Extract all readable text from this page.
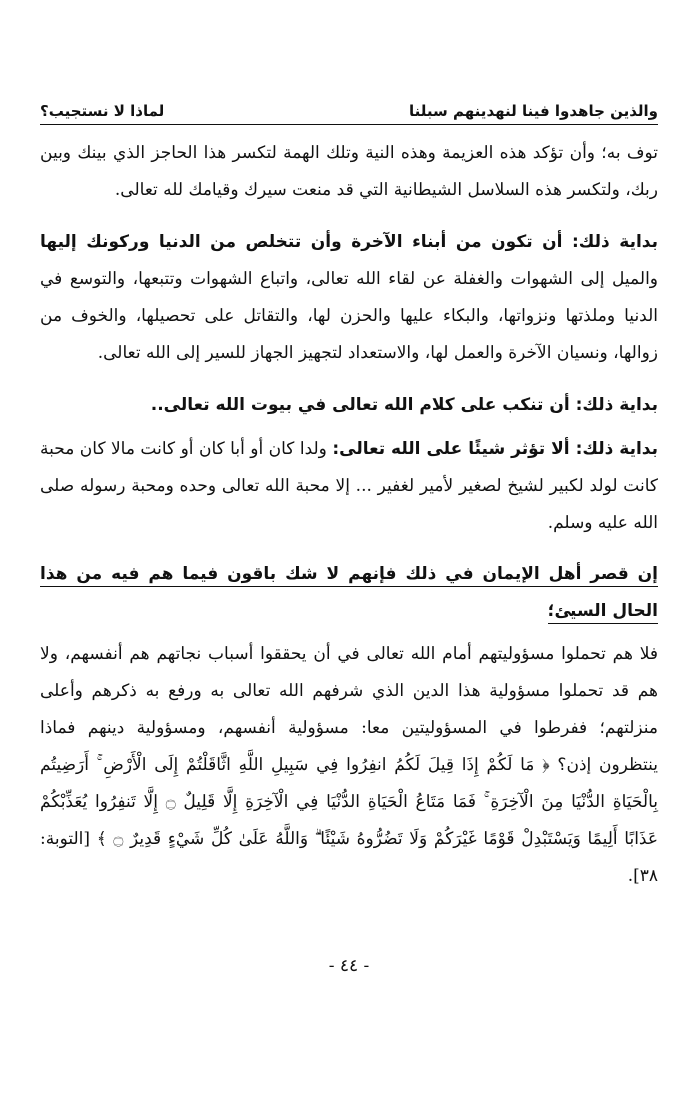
والذين جاهدوا فينا لنهدينهم سبلنا
لماذا لا نستجيب؟

توف به؛ وأن تؤكد هذه العزيمة وهذه النية وتلك الهمة لتكسر هذا الحاجز الذي بينك وبين ربك، ولتكسر هذه السلاسل الشيطانية التي قد منعت سيرك وقيامك لله تعالى.

بداية ذلك: أن تكون من أبناء الآخرة وأن تتخلص من الدنيا وركونك إليها والميل إلى الشهوات والغفلة عن لقاء الله تعالى، واتباع الشهوات وتتبعها، والتوسع في الدنيا وملذتها ونزواتها، والبكاء عليها والحزن لها، والتقاتل على تحصيلها، والخوف من زوالها، ونسيان الآخرة والعمل لها، والاستعداد لتجهيز الجهاز للسير إلى الله تعالى.

بداية ذلك: أن تنكب على كلام الله تعالى في بيوت الله تعالى..

بداية ذلك: ألا تؤثر شيئًا على الله تعالى: ولدا كان أو أبا كان أو كانت مالا كان محبة كانت لولد لكبير لشيخ لصغير لأمير لغفير ... إلا محبة الله تعالى وحده ومحبة رسوله صلى الله عليه وسلم.

إن قصر أهل الإيمان في ذلك فإنهم لا شك باقون فيما هم فيه من هذا الحال السيئ؛

فلا هم تحملوا مسؤوليتهم أمام الله تعالى في أن يحققوا أسباب نجاتهم هم أنفسهم، ولا هم قد تحملوا مسؤولية هذا الدين الذي شرفهم الله تعالى به ورفع به ذكرهم وأعلى منزلتهم؛ ففرطوا في المسؤوليتين معا: مسؤولية أنفسهم، ومسؤولية دينهم فماذا ينتظرون إذن؟ ﴿ مَا لَكُمْ إِذَا قِيلَ لَكُمُ انفِرُوا فِي سَبِيلِ اللَّهِ اثَّاقَلْتُمْ إِلَى الْأَرْضِ ۚ أَرَضِيتُم بِالْحَيَاةِ الدُّنْيَا مِنَ الْآخِرَةِ ۚ فَمَا مَتَاعُ الْحَيَاةِ الدُّنْيَا فِي الْآخِرَةِ إِلَّا قَلِيلٌ ۝ إِلَّا تَنفِرُوا يُعَذِّبْكُمْ عَذَابًا أَلِيمًا وَيَسْتَبْدِلْ قَوْمًا غَيْرَكُمْ وَلَا تَضُرُّوهُ شَيْئًا ۗ وَاللَّهُ عَلَىٰ كُلِّ شَيْءٍ قَدِيرٌ ۝ ﴾ [التوبة: ٣٨].

- ٤٤ -
